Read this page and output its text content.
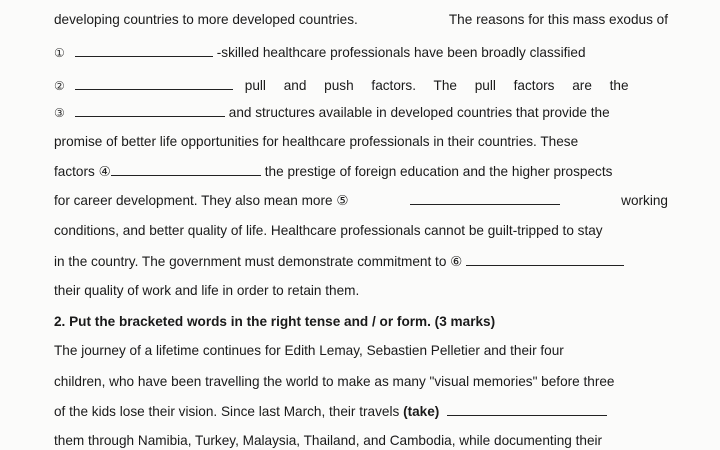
developing countries to more developed countries.	The reasons for this mass exodus of
①	-skilled healthcare professionals have been broadly classified
②	pull and push factors. The pull factors are the
③	and structures available in developed countries that provide the
promise of better life opportunities for healthcare professionals in their countries. These
factors ④	the prestige of foreign education and the higher prospects
for career development. They also mean more ⑤	working
conditions, and better quality of life. Healthcare professionals cannot be guilt-tripped to stay
in the country. The government must demonstrate commitment to ⑥
their quality of work and life in order to retain them.
2. Put the bracketed words in the right tense and / or form. (3 marks)
The journey of a lifetime continues for Edith Lemay, Sebastien Pelletier and their four
children, who have been travelling the world to make as many "visual memories" before three
of the kids lose their vision. Since last March, their travels (take)
them through Namibia, Turkey, Malaysia, Thailand, and Cambodia, while documenting their
